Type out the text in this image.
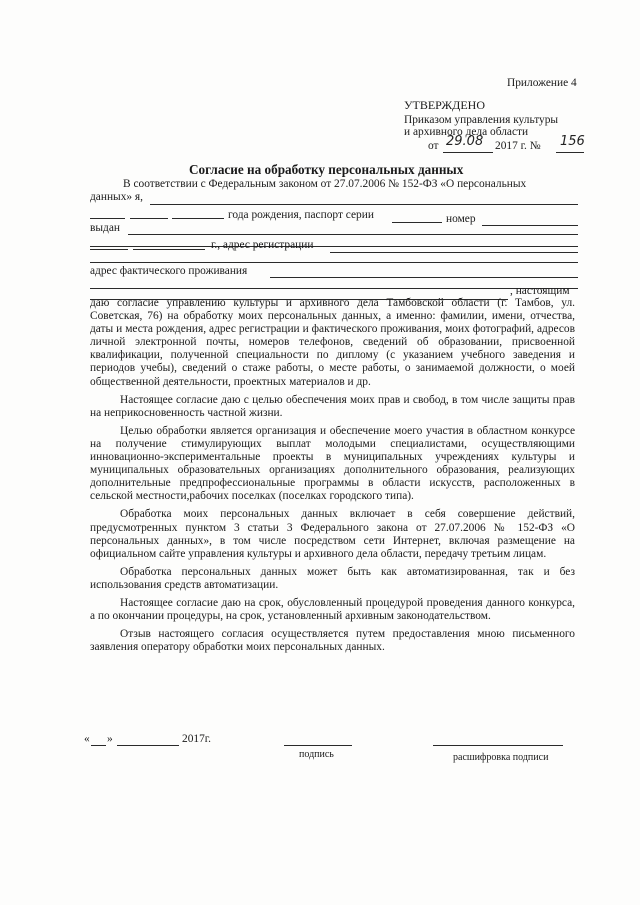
Приложение 4
УТВЕРЖДЕНО
Приказом управления культуры
и архивного дела области
от 29.08 2017 г. № 156
Согласие на обработку персональных данных
В соответствии с Федеральным законом от 27.07.2006 № 152-ФЗ «О персональных
данных» я,
года рождения, паспорт серии	номер
выдан
г., адрес регистрации
адрес фактического проживания
, настоящим

даю согласие управлению культуры и архивного дела Тамбовской области (г. Тамбов, ул. Советская, 76) на обработку моих персональных данных, а именно: фамилии, имени, отчества, даты и места рождения, адрес регистрации и фактического проживания, моих фотографий, адресов личной электронной почты, номеров телефонов, сведений об образовании, присвоенной квалификации, полученной специальности по диплому (с указанием учебного заведения и периодов учебы), сведений о стаже работы, о месте работы, о занимаемой должности, о моей общественной деятельности, проектных материалов и др.

Настоящее согласие даю с целью обеспечения моих прав и свобод, в том числе защиты прав на неприкосновенность частной жизни.

Целью обработки является организация и обеспечение моего участия в областном конкурсе на получение стимулирующих выплат молодыми специалистами, осуществляющими инновационно-экспериментальные проекты в муниципальных учреждениях культуры и муниципальных образовательных организациях дополнительного образования, реализующих дополнительные предпрофессиональные программы в области искусств, расположенных в сельской местности,рабочих поселках (поселках городского типа).

Обработка моих персональных данных включает в себя совершение действий, предусмотренных пунктом 3 статьи 3 Федерального закона от 27.07.2006 № 152-ФЗ «О персональных данных», в том числе посредством сети Интернет, включая размещение на официальном сайте управления культуры и архивного дела области, передачу третьим лицам.

Обработка персональных данных может быть как автоматизированная, так и без использования средств автоматизации.

Настоящее согласие даю на срок, обусловленный процедурой проведения данного конкурса, а по окончании процедуры, на срок, установленный архивным законодательством.

Отзыв настоящего согласия осуществляется путем предоставления мною письменного заявления оператору обработки моих персональных данных.

« »	2017г.
подпись	расшифровка подписи
